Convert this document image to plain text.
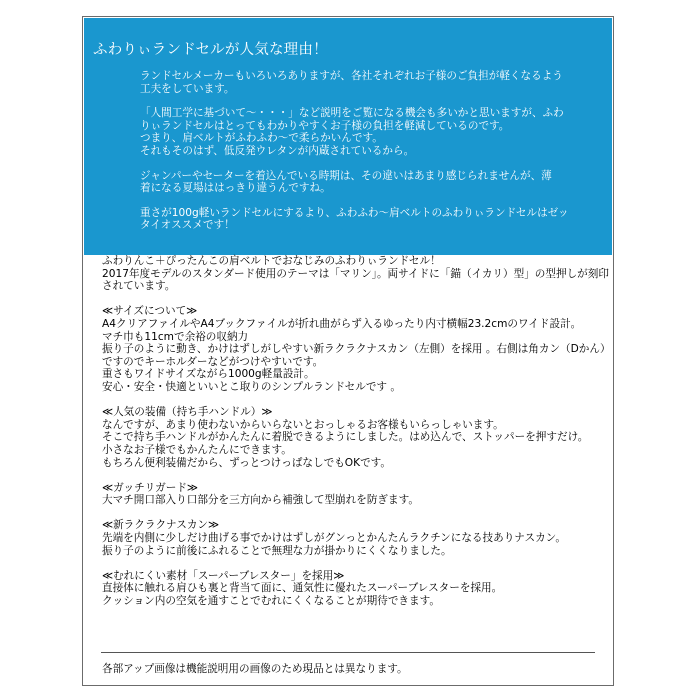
ふわりぃランドセルが人気な理由！

ランドセルメーカーもいろいろありますが、各社それぞれお子様のご負担が軽くなるよう
工夫をしています。

「人間工学に基づいて〜・・・」など説明をご覧になる機会も多いかと思いますが、ふわ
りぃランドセルはとってもわかりやすくお子様の負担を軽減しているのです。
つまり、肩ベルトがふわふわ〜で柔らかいんです。
それもそのはず、低反発ウレタンが内蔵されているから。

ジャンパーやセーターを着込んでいる時期は、その違いはあまり感じられませんが、薄
着になる夏場ははっきり違うんですね。

重さが100g軽いランドセルにするより、ふわふわ〜肩ベルトのふわりぃランドセルはゼッ
タイオススメです！

ふわりんこ＋ぴったんこの肩ベルトでおなじみのふわりぃランドセル！
2017年度モデルのスタンダード使用のテーマは「マリン」。両サイドに「錨（イカリ）型」の型押しが刻印
されています。

≪サイズについて≫
A4クリアファイルやA4ブックファイルが折れ曲がらず入るゆったり内寸横幅23.2cmのワイド設計。
マチ巾も11cmで余裕の収納力
振り子のように動き、かけはずしがしやすい新ラクラクナスカン（左側）を採用 。右側は角カン（Dかん）
ですのでキーホルダーなどがつけやすいです。
重さもワイドサイズながら1000g軽量設計。
安心・安全・快適といいとこ取りのシンプルランドセルです 。

≪人気の装備（持ち手ハンドル）≫
なんですが、あまり使わないからいらないとおっしゃるお客様もいらっしゃいます。
そこで持ち手ハンドルがかんたんに着脱できるようにしました。はめ込んで、ストッパーを押すだけ。
小さなお子様でもかんたんにできます。
もちろん便利装備だから、ずっとつけっぱなしでもOKです。

≪ガッチリガード≫
大マチ開口部入り口部分を三方向から補強して型崩れを防ぎます。

≪新ラクラクナスカン≫
先端を内側に少しだけ曲げる事でかけはずしがグンっとかんたんラクチンになる技ありナスカン。
振り子のように前後にふれることで無理な力が掛かりにくくなりました。

≪むれにくい素材「スーパーブレスター」を採用≫
直接体に触れる肩ひも裏と背当て面に、通気性に優れたスーパーブレスターを採用。
クッション内の空気を通すことでむれにくくなることが期待できます。

各部アップ画像は機能説明用の画像のため現品とは異なります。
